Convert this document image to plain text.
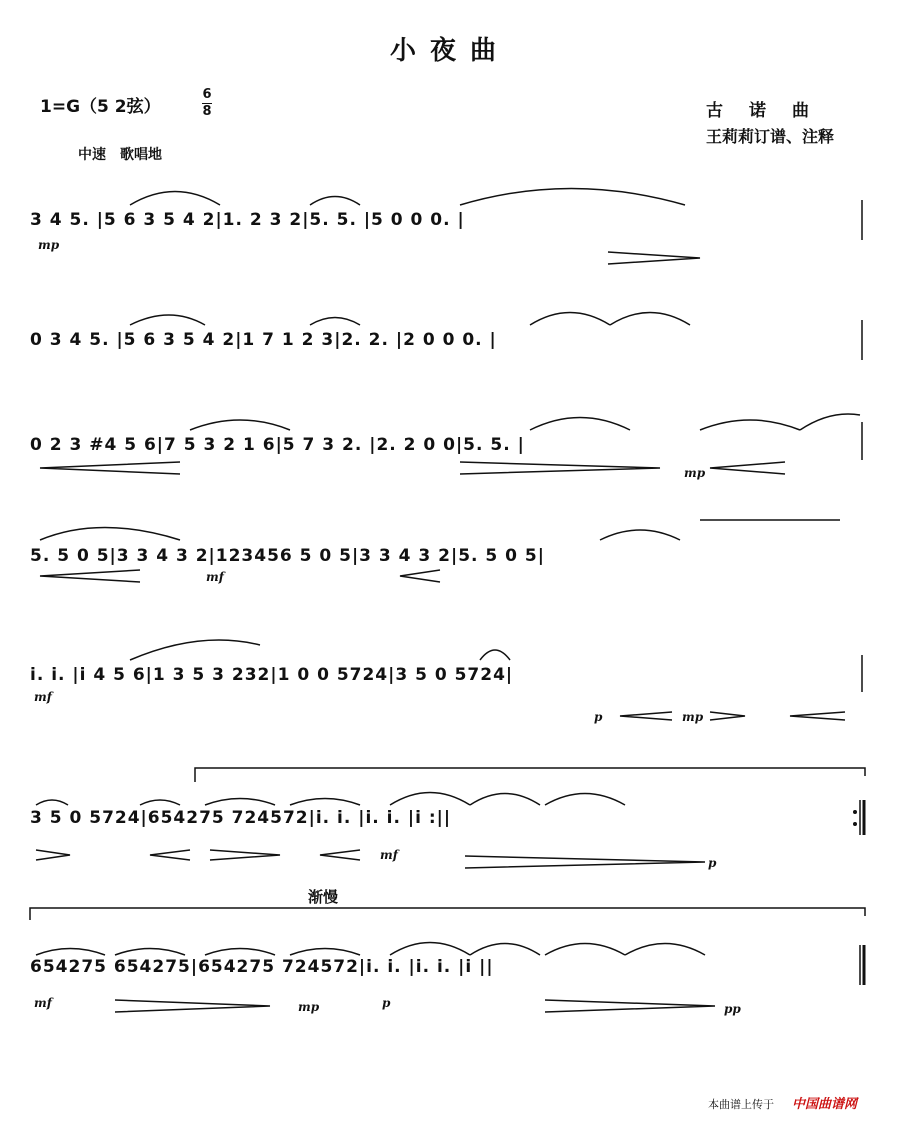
小夜曲
1=G（5 2弦）
6
8
中速　歌唱地
古诺曲
王莉莉订谱、注释
渐慢
3 4 5. |5 6 3 5 4 2|1. 2 3 2|5. 5. |5 0 0 0. |
mp
0 3 4 5. |5 6 3 5 4 2|1 7 1 2 3|2. 2. |2 0 0 0. |
0 2 3 #4 5 6|7 5 3 2 1 6|5 7 3 2. |2. 2 0 0|5. 5. |
mp
5. 5 0 5|3 3 4 3 2|123456 5 0 5|3 3 4 3 2|5. 5 0 5|
mf
i. i. |i 4 5 6|1 3 5 3 232|1 0 0 5724|3 5 0 5724|
mf
3 5 0 5724|654275 724572|i. i. |i. i. |i :||
mf
654275 654275|654275 724572|i. i. |i. i. |i ||
mf
p	mp
p
mp	p	pp
本曲谱上传于 中国曲谱网
